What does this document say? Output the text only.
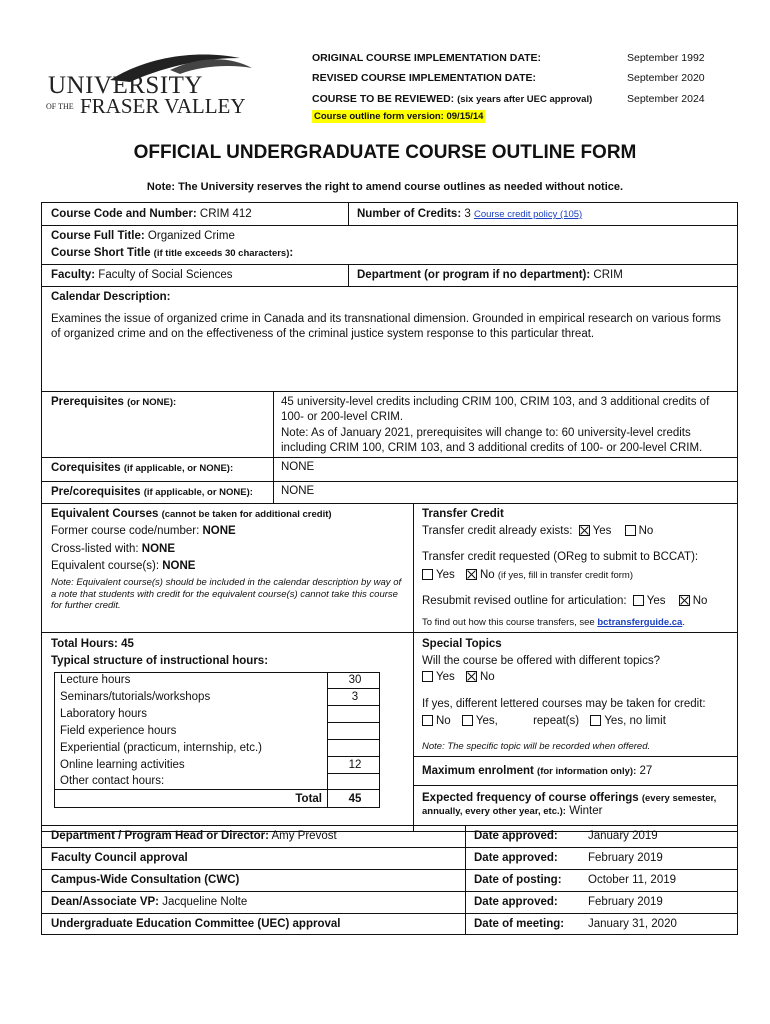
UNIVERSITY
OF THE FRASER VALLEY
ORIGINAL COURSE IMPLEMENTATION DATE:	September 1992
REVISED COURSE IMPLEMENTATION DATE:	September 2020
COURSE TO BE REVIEWED: (six years after UEC approval)	September 2024
Course outline form version: 09/15/14
OFFICIAL UNDERGRADUATE COURSE OUTLINE FORM
Note: The University reserves the right to amend course outlines as needed without notice.
Course Code and Number: CRIM 412	Number of Credits: 3 Course credit policy (105)
Course Full Title: Organized Crime
Course Short Title (if title exceeds 30 characters):
Faculty: Faculty of Social Sciences	Department (or program if no department): CRIM
Calendar Description:
Examines the issue of organized crime in Canada and its transnational dimension. Grounded in empirical research on various forms of organized crime and on the effectiveness of the criminal justice system response to this particular threat.
Prerequisites (or NONE):	45 university-level credits including CRIM 100, CRIM 103, and 3 additional credits of 100- or 200-level CRIM.
Note: As of January 2021, prerequisites will change to: 60 university-level credits including CRIM 100, CRIM 103, and 3 additional credits of 100- or 200-level CRIM.
Corequisites (if applicable, or NONE):	NONE
Pre/corequisites (if applicable, or NONE): NONE
Equivalent Courses (cannot be taken for additional credit)
Former course code/number: NONE
Cross-listed with: NONE
Equivalent course(s): NONE
Note: Equivalent course(s) should be included in the calendar description by way of a note that students with credit for the equivalent course(s) cannot take this course for further credit.
Transfer Credit
Transfer credit already exists: Yes No
Transfer credit requested (OReg to submit to BCCAT):
Yes No (if yes, fill in transfer credit form)
Resubmit revised outline for articulation: Yes No
To find out how this course transfers, see bctransferguide.ca.
Total Hours: 45
Typical structure of instructional hours:
Lecture hours	30
Seminars/tutorials/workshops	3
Laboratory hours
Field experience hours
Experiential (practicum, internship, etc.)
Online learning activities	12
Other contact hours:
Total	45
Special Topics
Will the course be offered with different topics?
Yes No
If yes, different lettered courses may be taken for credit:
No Yes,	repeat(s) Yes, no limit
Note: The specific topic will be recorded when offered.
Maximum enrolment (for information only): 27
Expected frequency of course offerings (every semester, annually, every other year, etc.): Winter
Department / Program Head or Director: Amy Prevost	Date approved:	January 2019
Faculty Council approval	Date approved:	February 2019
Campus-Wide Consultation (CWC)	Date of posting: October 11, 2019
Dean/Associate VP: Jacqueline Nolte	Date approved:	February 2019
Undergraduate Education Committee (UEC) approval	Date of meeting: January 31, 2020
